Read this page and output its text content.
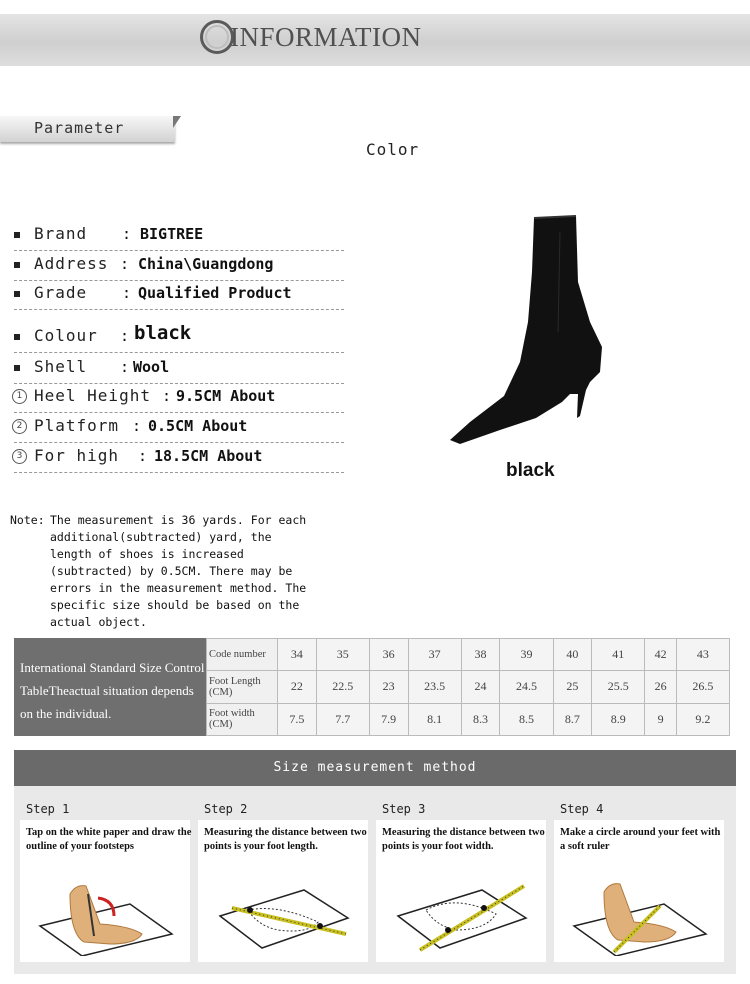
INFORMATION
Parameter
Color
Brand : BIGTREE
Address : China\Guangdong
Grade : Qualified Product
Colour : black
Shell : Wool
1 Heel Height : 9.5CM About
2 Platform : 0.5CM About
3 For high : 18.5CM About
black
Note: The measurement is 36 yards. For each additional(subtracted) yard, the length of shoes is increased (subtracted) by 0.5CM. There may be errors in the measurement method. The specific size should be based on the actual object.
International Standard Size Control TableTheactual situation depends on the individual.
Code number	34	35	36	37	38	39	40	41	42	43
Foot Length (CM)	22	22.5	23	23.5	24	24.5	25	25.5	26	26.5
Foot width (CM)	7.5	7.7	7.9	8.1	8.3	8.5	8.7	8.9	9	9.2
Size measurement method
Step 1
Tap on the white paper and draw the outline of your footsteps
Step 2
Measuring the distance between two points is your foot length.
Step 3
Measuring the distance between two points is your foot width.
Step 4
Make a circle around your feet with a soft ruler
